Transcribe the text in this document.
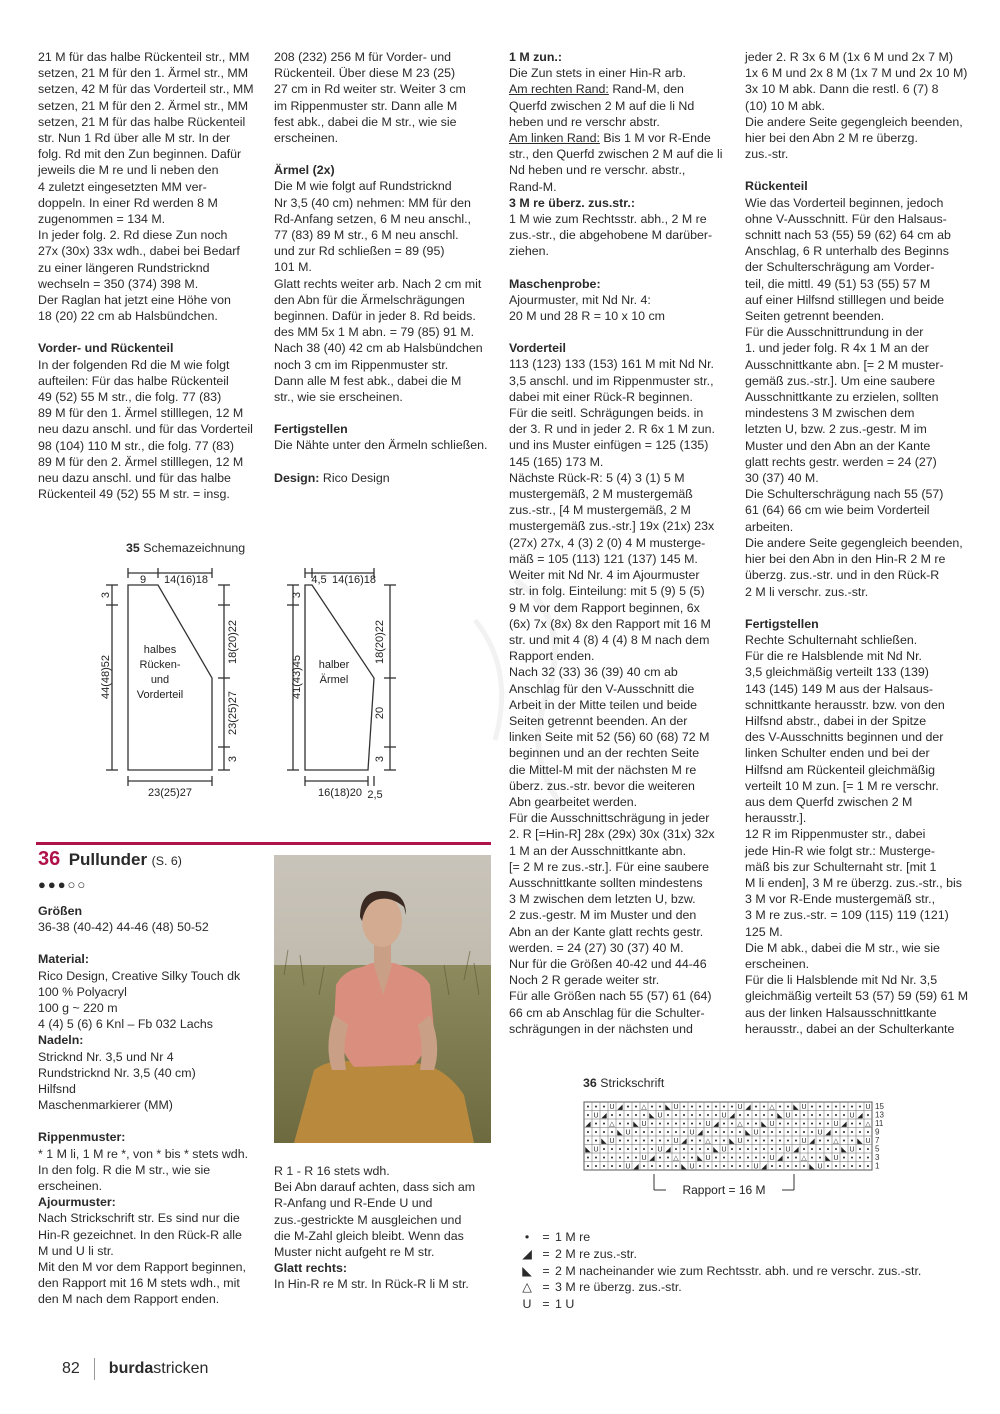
21 M für das halbe Rückenteil str., MM
setzen, 21 M für den 1. Ärmel str., MM
setzen, 42 M für das Vorderteil str., MM
setzen, 21 M für den 2. Ärmel str., MM
setzen, 21 M für das halbe Rückenteil
str. Nun 1 Rd über alle M str. In der
folg. Rd mit den Zun beginnen. Dafür
jeweils die M re und li neben den
4 zuletzt eingesetzten MM ver-
doppeln. In einer Rd werden 8 M
zugenommen = 134 M.
In jeder folg. 2. Rd diese Zun noch
27x (30x) 33x wdh., dabei bei Bedarf
zu einer längeren Rundstricknd
wechseln = 350 (374) 398 M.
Der Raglan hat jetzt eine Höhe von
18 (20) 22 cm ab Halsbündchen.

Vorder- und Rückenteil

In der folgenden Rd die M wie folgt
aufteilen: Für das halbe Rückenteil
49 (52) 55 M str., die folg. 77 (83)
89 M für den 1. Ärmel stilllegen, 12 M
neu dazu anschl. und für das Vorderteil
98 (104) 110 M str., die folg. 77 (83)
89 M für den 2. Ärmel stilllegen, 12 M
neu dazu anschl. und für das halbe
Rückenteil 49 (52) 55 M str. = insg.

208 (232) 256 M für Vorder- und
Rückenteil. Über diese M 23 (25)
27 cm in Rd weiter str. Weiter 3 cm
im Rippenmuster str. Dann alle M
fest abk., dabei die M str., wie sie
erscheinen.

Ärmel (2x)

Die M wie folgt auf Rundstricknd
Nr 3,5 (40 cm) nehmen: MM für den
Rd-Anfang setzen, 6 M neu anschl.,
77 (83) 89 M str., 6 M neu anschl.
und zur Rd schließen = 89 (95)
101 M.
Glatt rechts weiter arb. Nach 2 cm mit
den Abn für die Ärmelschrägungen
beginnen. Dafür in jeder 8. Rd beids.
des MM 5x 1 M abn. = 79 (85) 91 M.
Nach 38 (40) 42 cm ab Halsbündchen
noch 3 cm im Rippenmuster str.
Dann alle M fest abk., dabei die M
str., wie sie erscheinen.

Fertigstellen

Die Nähte unter den Ärmeln schließen.

Design: Rico Design

35 Schemazeichnung
halbes
Rücken-
und
Vorderteil
halber
Ärmel
9 14(16)18
23(25)27
44(48)52
3
18(20)22
23(25)27
3
4,5 14(16)18
16(18)20 2,5
41(43)45
3
18(20)22
20
3
36 Pullunder (S. 6)
●●●○○
Größen

36-38 (40-42) 44-46 (48) 50-52

Material:

Rico Design, Creative Silky Touch dk
100 % Polyacryl
100 g ~ 220 m
4 (4) 5 (6) 6 Knl – Fb 032 Lachs

Nadeln:

Stricknd Nr. 3,5 und Nr 4
Rundstricknd Nr. 3,5 (40 cm)
Hilfsnd
Maschenmarkierer (MM)

Rippenmuster:

* 1 M li, 1 M re *, von * bis * stets wdh.
In den folg. R die M str., wie sie
erscheinen.

Ajourmuster:

Nach Strickschrift str. Es sind nur die
Hin-R gezeichnet. In den Rück-R alle
M und U li str.
Mit den M vor dem Rapport beginnen,
den Rapport mit 16 M stets wdh., mit
den M nach dem Rapport enden.

R 1 - R 16 stets wdh.
Bei Abn darauf achten, dass sich am
R-Anfang und R-Ende U und
zus.-gestrickte M ausgleichen und
die M-Zahl gleich bleibt. Wenn das
Muster nicht aufgeht re M str.

Glatt rechts:

In Hin-R re M str. In Rück-R li M str.

1 M zun.:

Die Zun stets in einer Hin-R arb.

Am rechten Rand: Rand-M, den
Querfd zwischen 2 M auf die li Nd
heben und re verschr abstr.

Am linken Rand: Bis 1 M vor R-Ende
str., den Querfd zwischen 2 M auf die li
Nd heben und re verschr. abstr.,
Rand-M.

3 M re überz. zus.str.:

1 M wie zum Rechtsstr. abh., 2 M re
zus.-str., die abgehobene M darüber-
ziehen.

Maschenprobe:

Ajourmuster, mit Nd Nr. 4:
20 M und 28 R = 10 x 10 cm

Vorderteil

113 (123) 133 (153) 161 M mit Nd Nr.
3,5 anschl. und im Rippenmuster str.,
dabei mit einer Rück-R beginnen.
Für die seitl. Schrägungen beids. in
der 3. R und in jeder 2. R 6x 1 M zun.
und ins Muster einfügen = 125 (135)
145 (165) 173 M.
Nächste Rück-R: 5 (4) 3 (1) 5 M
mustergemäß, 2 M mustergemäß
zus.-str., [4 M mustergemäß, 2 M
mustergemäß zus.-str.] 19x (21x) 23x
(27x) 27x, 4 (3) 2 (0) 4 M musterge-
mäß = 105 (113) 121 (137) 145 M.
Weiter mit Nd Nr. 4 im Ajourmuster
str. in folg. Einteilung: mit 5 (9) 5 (5)
9 M vor dem Rapport beginnen, 6x
(6x) 7x (8x) 8x den Rapport mit 16 M
str. und mit 4 (8) 4 (4) 8 M nach dem
Rapport enden.
Nach 32 (33) 36 (39) 40 cm ab
Anschlag für den V-Ausschnitt die
Arbeit in der Mitte teilen und beide
Seiten getrennt beenden. An der
linken Seite mit 52 (56) 60 (68) 72 M
beginnen und an der rechten Seite
die Mittel-M mit der nächsten M re
überz. zus.-str. bevor die weiteren
Abn gearbeitet werden.
Für die Ausschnittschrägung in jeder
2. R [=Hin-R] 28x (29x) 30x (31x) 32x
1 M an der Ausschnittkante abn.
[= 2 M re zus.-str.]. Für eine saubere
Ausschnittkante sollten mindestens
3 M zwischen dem letzten U, bzw.
2 zus.-gestr. M im Muster und den
Abn an der Kante glatt rechts gestr.
werden. = 24 (27) 30 (37) 40 M.
Nur für die Größen 40-42 und 44-46
Noch 2 R gerade weiter str.
Für alle Größen nach 55 (57) 61 (64)
66 cm ab Anschlag für die Schulter-
schrägungen in der nächsten und

jeder 2. R 3x 6 M (1x 6 M und 2x 7 M)
1x 6 M und 2x 8 M (1x 7 M und 2x 10 M)
3x 10 M abk. Dann die restl. 6 (7) 8
(10) 10 M abk.
Die andere Seite gegengleich beenden,
hier bei den Abn 2 M re überzg.
zus.-str.

Rückenteil

Wie das Vorderteil beginnen, jedoch
ohne V-Ausschnitt. Für den Halsaus-
schnitt nach 53 (55) 59 (62) 64 cm ab
Anschlag, 6 R unterhalb des Beginns
der Schulterschrägung am Vorder-
teil, die mittl. 49 (51) 53 (55) 57 M
auf einer Hilfsnd stilllegen und beide
Seiten getrennt beenden.
Für die Ausschnittrundung in der
1. und jeder folg. R 4x 1 M an der
Ausschnittkante abn. [= 2 M muster-
gemäß zus.-str.]. Um eine saubere
Ausschnittkante zu erzielen, sollten
mindestens 3 M zwischen dem
letzten U, bzw. 2 zus.-gestr. M im
Muster und den Abn an der Kante
glatt rechts gestr. werden = 24 (27)
30 (37) 40 M.
Die Schulterschrägung nach 55 (57)
61 (64) 66 cm wie beim Vorderteil
arbeiten.
Die andere Seite gegengleich beenden,
hier bei den Abn in den Hin-R 2 M re
überzg. zus.-str. und in den Rück-R
2 M li verschr. zus.-str.

Fertigstellen

Rechte Schulternaht schließen.
Für die re Halsblende mit Nd Nr.
3,5 gleichmäßig verteilt 133 (139)
143 (145) 149 M aus der Halsaus-
schnittkante herausstr. bzw. von den
Hilfsnd abstr., dabei in der Spitze
des V-Ausschnitts beginnen und der
linken Schulter enden und bei der
Hilfsnd am Rückenteil gleichmäßig
verteilt 10 M zun. [= 1 M re verschr.
aus dem Querfd zwischen 2 M
herausstr.].
12 R im Rippenmuster str., dabei
jede Hin-R wie folgt str.: Musterge-
mäß bis zur Schulternaht str. [mit 1
M li enden], 3 M re überzg. zus.-str., bis
3 M vor R-Ende mustergemäß str.,
3 M re zus.-str. = 109 (115) 119 (121)
125 M.
Die M abk., dabei die M str., wie sie
erscheinen.
Für die li Halsblende mit Nd Nr. 3,5
gleichmäßig verteilt 53 (57) 59 (59) 61 M
aus der linken Halsausschnittkante
herausstr., dabei an der Schulterkante

36 Strickschrift
• • • U ◢ • • △ • • ◣ U • • • • • • • U ◢ • • △ • • ◣ U • • • • • • • U
• U ◢ • • • • • ◣ U • • • • • • • U ◢ • • • • • ◣ U • • • • • • • U ◢ •
◢ • • △ • • ◣ U • • • • • • • U ◢ • • △ • • ◣ U • • • • • • • U ◢ • • △
• • • • ◣ U • • • • • • • U ◢ • • • • • ◣ U • • • • • • • U ◢ • • • • •
• • ◣ U • • • • • • • U ◢ • • △ • • ◣ U • • • • • • • U ◢ • • △ • • ◣ U
◣ U • • • • • • • U ◢ • • • • • ◣ U • • • • • • • U ◢ • • • • • ◣ U • •
• • • • • • • U ◢ • • △ • • ◣ U • • • • • • • U ◢ • • △ • • ◣ U • • • •
• • • • • U ◢ • • • • • ◣ U • • • • • • • U ◢ • • • • • ◣ U • • • • • •
15
13
11
9
7
5
3
1
Rapport = 16 M
• = 1 M re
◢ = 2 M re zus.-str.
◣ = 2 M nacheinander wie zum Rechtsstr. abh. und re verschr. zus.-str.
△ = 3 M re überzg. zus.-str.
U = 1 U
82 burdastricken
